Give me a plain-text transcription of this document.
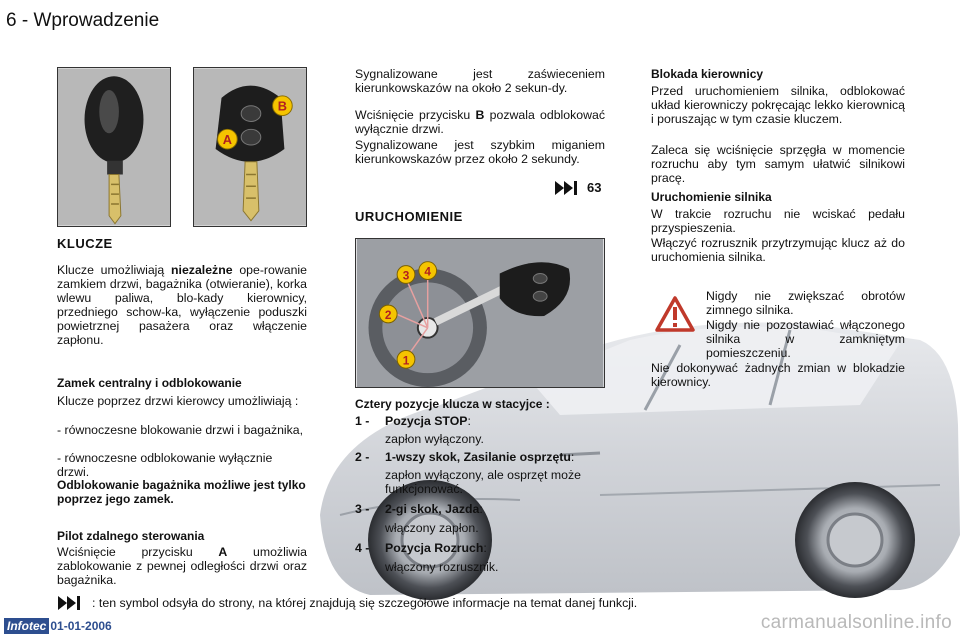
6 - Wprowadzenie
B
A
KLUCZE
Klucze umożliwiają niezależne ope-rowanie zamkiem drzwi, bagażnika (otwieranie), korka wlewu paliwa, blo-kady kierownicy, przedniego schow-ka, wyłączenie poduszki powietrznej pasażera oraz włączenie zapłonu.
Zamek centralny i odblokowanie
Klucze poprzez drzwi kierowcy umożliwiają :
- równoczesne blokowanie drzwi i bagażnika,
- równoczesne odblokowanie wyłącznie drzwi.
Odblokowanie bagażnika możliwe jest tylko poprzez jego zamek.
Pilot zdalnego sterowania
Wciśnięcie przycisku A umożliwia zablokowanie z pewnej odległości drzwi oraz bagażnika.
Sygnalizowane jest zaświeceniem kierunkowskazów na około 2 sekun-dy.
Wciśnięcie przycisku B pozwala odblokować wyłącznie drzwi.
Sygnalizowane jest szybkim miganiem kierunkowskazów przez około 2 sekundy.
63
URUCHOMIENIE
3 4
2
1
Cztery pozycje klucza w stacyjce :
1 -	Pozycja STOP:
zapłon wyłączony.
2 -	1-wszy skok, Zasilanie osprzętu:
zapłon wyłączony, ale osprzęt może funkcjonować.
3 -	2-gi skok, Jazda:
włączony zapłon.
4 -	Pozycja Rozruch:
włączony rozrusznik.
Blokada kierownicy
Przed uruchomieniem silnika, odblokować układ kierowniczy pokręcając lekko kierownicą i poruszając w tym czasie kluczem.
Zaleca się wciśnięcie sprzęgła w momencie rozruchu aby tym samym ułatwić silnikowi pracę.
Uruchomienie silnika
W trakcie rozruchu nie wciskać pedału przyspieszenia.
Włączyć rozrusznik przytrzymując klucz aż do uruchomienia silnika.
Nigdy nie zwiększać obrotów zimnego silnika.
Nigdy nie pozostawiać włączonego silnika w zamkniętym pomieszczeniu.
Nie dokonywać żadnych zmian w blokadzie kierownicy.
: ten symbol odsyła do strony, na której znajdują się szczegółowe informacje na temat danej funkcji.
Infotec 01-01-2006	carmanualsonline.info
